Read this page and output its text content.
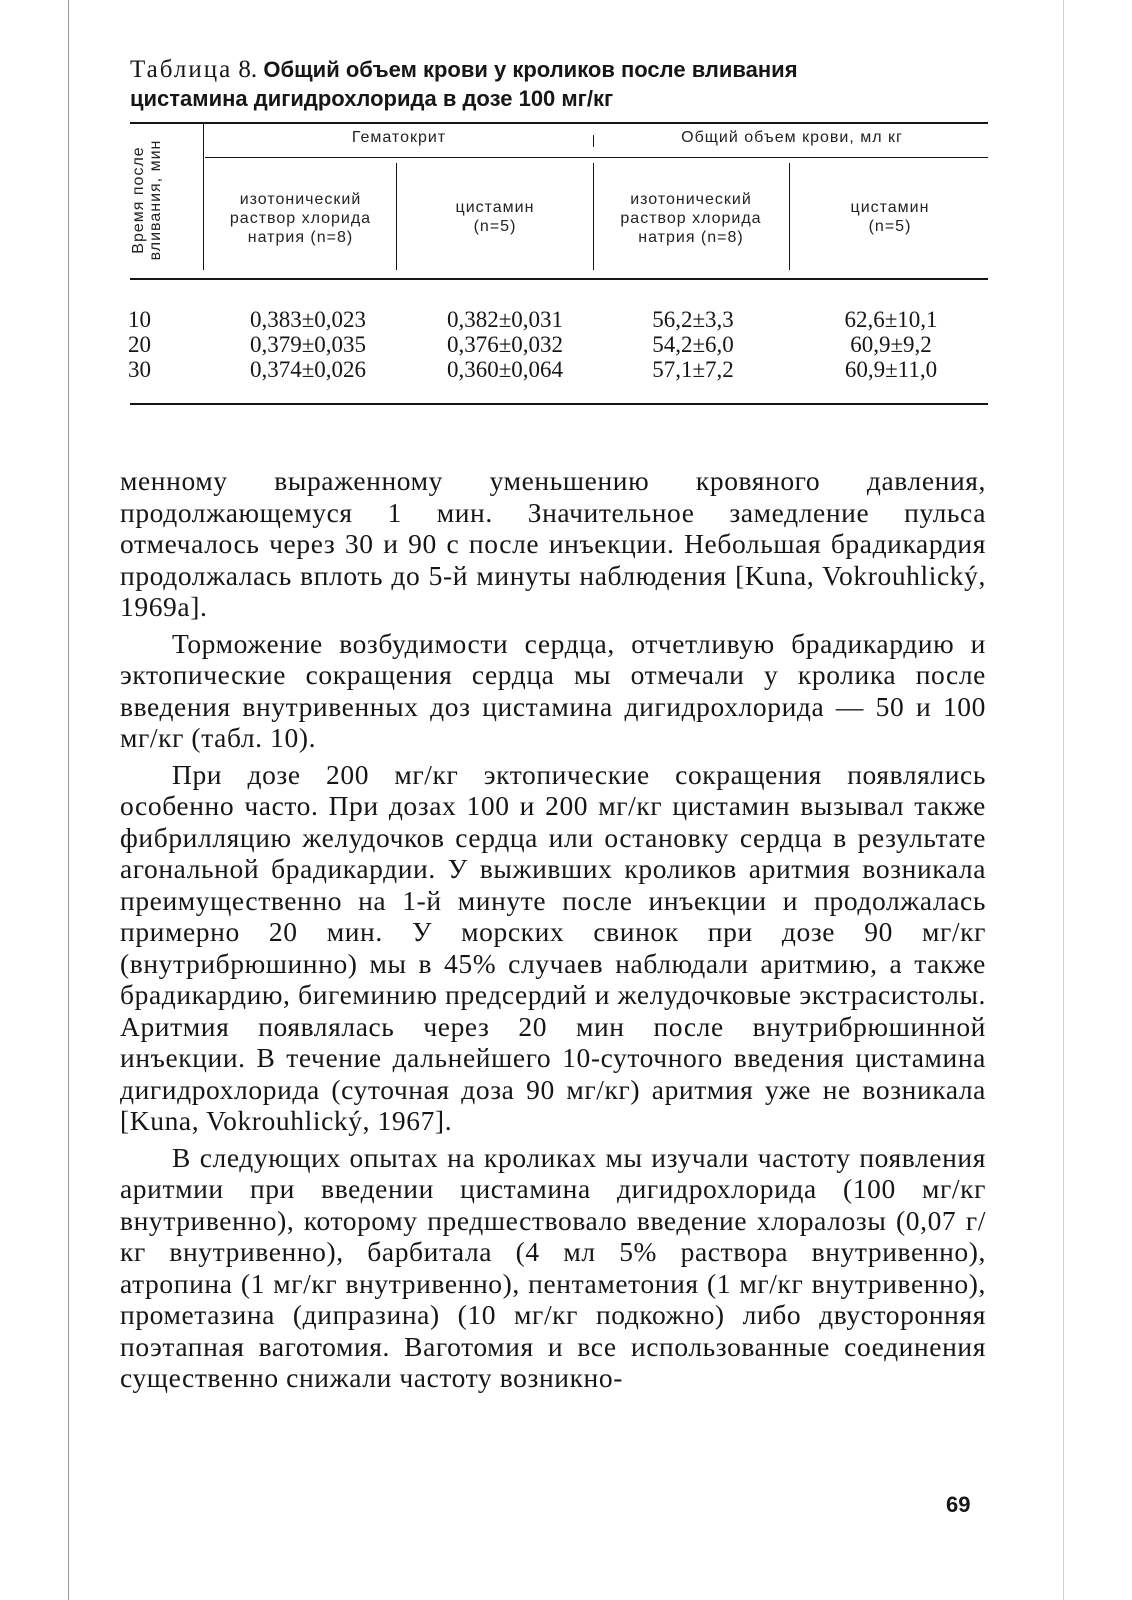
Таблица 8. Общий объем крови у кроликов после вливания
цистамина дигидрохлорида в дозе 100 мг/кг
Время после вливания, мин
Гематокрит	Общий объем крови, мл кг
изотонический раствор хлорида натрия (n=8)
цистамин (n=5)
изотонический раствор хлорида натрия (n=8)
цистамин (n=5)
10	0,383±0,023	0,382±0,031	56,2±3,3	62,6±10,1
20	0,379±0,035	0,376±0,032	54,2±6,0	60,9±9,2
30	0,374±0,026	0,360±0,064	57,1±7,2	60,9±11,0

менному выраженному уменьшению кровяного давления, продолжающемуся 1 мин. Значительное замедление пульса отмечалось через 30 и 90 с после инъекции. Небольшая брадикардия продолжалась вплоть до 5-й минуты наблюдения [Kuna, Vokrouhlický, 1969a].

Торможение возбудимости сердца, отчетливую брадикардию и эктопические сокращения сердца мы отмечали у кролика после введения внутривенных доз цистамина дигидрохлорида — 50 и 100 мг/кг (табл. 10).

При дозе 200 мг/кг эктопические сокращения появлялись особенно часто. При дозах 100 и 200 мг/кг цистамин вызывал также фибрилляцию желудочков сердца или остановку сердца в результате агональной брадикардии. У выживших кроликов аритмия возникала преимущественно на 1-й минуте после инъекции и продолжалась примерно 20 мин. У морских свинок при дозе 90 мг/кг (внутрибрюшинно) мы в 45% случаев наблюдали аритмию, а также брадикардию, бигеминию предсердий и желудочковые экстрасистолы. Аритмия появлялась через 20 мин после внутрибрюшинной инъекции. В течение дальнейшего 10-суточного введения цистамина дигидрохлорида (суточная доза 90 мг/кг) аритмия уже не возникала [Kuna, Vokrouhlický, 1967].

В следующих опытах на кроликах мы изучали частоту появления аритмии при введении цистамина дигидрохлорида (100 мг/кг внутривенно), которому предшествовало введение хлоралозы (0,07 г/кг внутривенно), барбитала (4 мл 5% раствора внутривенно), атропина (1 мг/кг внутривенно), пентаметония (1 мг/кг внутривенно), прометазина (дипразина) (10 мг/кг подкожно) либо двусторонняя поэтапная ваготомия. Ваготомия и все использованные соединения существенно снижали частоту возникно-

69
